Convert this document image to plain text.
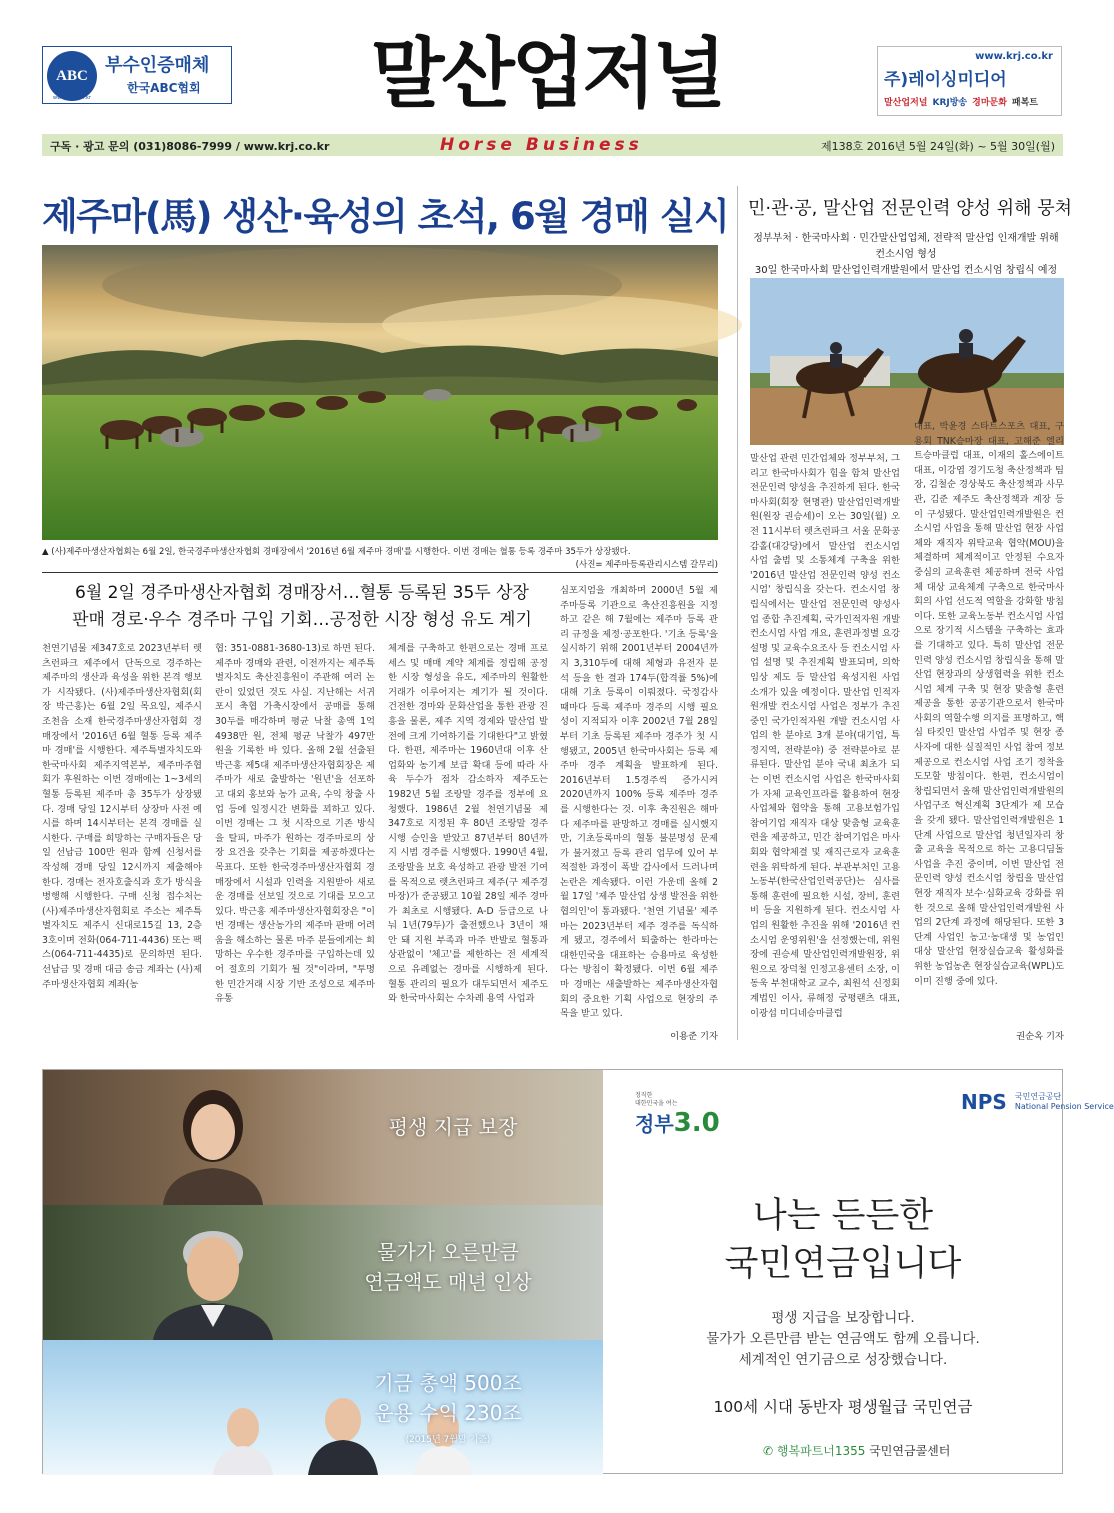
ABC
www.kabc.or.kr
부수인증매체
한국ABC협회	말산업저널	www.krj.co.kr
주)레이싱미디어
말산업저널 KRJ방송 경마문화 패복트
구독 · 광고 문의 (031)8086-7999 / www.krj.co.kr	Horse Business	제138호 2016년 5월 24일(화) ~ 5월 30일(월)
제주마(馬) 생산·육성의 초석, 6월 경매 실시
▲ (사)제주마생산자협회는 6월 2일, 한국경주마생산자협회 경매장에서 '2016년 6월 제주마 경매'를 시행한다. 이번 경매는 혈통 등록 경주마 35두가 상장됐다.
(사진= 제주마등록관리시스템 갈무리)
6월 2일 경주마생산자협회 경매장서…혈통 등록된 35두 상장
판매 경로·우수 경주마 구입 기회…공정한 시장 형성 유도 계기
천연기념물 제347호로 2023년부터 렛츠런파크 제주에서 단독으로 경주하는 제주마의 생산과 육성을 위한 본격 행보가 시작됐다. (사)제주마생산자협회(회장 박근홍)는 6월 2일 목요일, 제주시 조천읍 소재 한국경주마생산자협회 경매장에서 '2016년 6월 혈통 등록 제주마 경매'를 시행한다. 제주특별자치도와 한국마사회 제주지역본부, 제주마주협회가 후원하는 이번 경매에는 1~3세의 혈통 등록된 제주마 총 35두가 상장됐다. 경매 당일 12시부터 상장마 사전 예시를 하며 14시부터는 본격 경매를 실시한다. 구매를 희망하는 구매자들은 당일 선납금 100만 원과 함께 신청서를 작성해 경매 당일 12시까지 제출해야 한다. 경매는 전자호출식과 호가 방식을 병행해 시행한다. 구매 신청 접수처는 (사)제주마생산자협회로 주소는 제주특별자치도 제주시 신대로15길 13, 2층 3호이며 전화(064-711-4436) 또는 팩스(064-711-4435)로 문의하면 된다. 선납금 및 경매 대금 송금 계좌는 (사)제주마생산자협회 계좌(농
협: 351-0881-3680-13)로 하면 된다. 제주마 경매와 관련, 이전까지는 제주특별자치도 축산진흥원이 주관해 여러 논란이 있었던 것도 사실. 지난해는 서귀포시 축협 가축시장에서 공매를 통해 30두를 매각하며 평균 낙찰 총액 1억 4938만 원, 전체 평균 낙찰가 497만 원을 기록한 바 있다. 올해 2월 선출된 박근홍 제5대 제주마생산자협회장은 제주마가 새로 출발하는 '원년'을 선포하고 대외 홍보와 농가 교육, 수익 창출 사업 등에 일정시간 변화를 꾀하고 있다. 이번 경매는 그 첫 시작으로 기존 방식을 탈피, 마주가 원하는 경주마로의 상장 요건을 갖추는 기회를 제공하겠다는 목표다. 또한 한국경주마생산자협회 경매장에서 시설과 인력을 지원받아 새로운 경매를 선보일 것으로 기대를 모으고 있다. 박근홍 제주마생산자협회장은 "이번 경매는 생산농가의 제주마 판매 어려움을 해소하는 물론 마주 분들에게는 희망하는 우수한 경주마를 구입하는데 있어 절호의 기회가 될 것"이라며, "투명한 민간거래 시장 기반 조성으로 제주마 유통
체계를 구축하고 한편으로는 경매 프로세스 및 매매 계약 체계를 정립해 공정한 시장 형성을 유도, 제주마의 원활한 거래가 이루어지는 계기가 될 것이다. 건전한 경마와 문화산업을 통한 관광 진흥을 물론, 제주 지역 경제와 말산업 발전에 크게 기여하기를 기대한다"고 밝혔다. 한편, 제주마는 1960년대 이후 산업화와 농기계 보급 확대 등에 따라 사육 두수가 점차 감소하자 제주도는 1982년 5월 조랑말 경주를 정부에 요청했다. 1986년 2월 천연기념물 제347호로 지정된 후 80년 조랑말 경주 시행 승인을 받았고 87년부터 80년까지 시범 경주를 시행했다. 1990년 4월, 조랑말을 보호 육성하고 관광 발전 기여를 목적으로 렛츠런파크 제주(구 제주경마장)가 준공됐고 10월 28일 제주 경마가 최초로 시행됐다. A-D 등급으로 나눠 1년(79두)가 출전했으나 3년이 채 안 돼 지원 부족과 마주 반발로 혈통과 상관없이 '체고'를 제한하는 전 세계적으로 유례없는 경마를 시행하게 된다. 혈통 관리의 필요가 대두되면서 제주도와 한국마사회는 수차례 용역 사업과
심포지엄을 개최하며 2000년 5월 제주마등록 기관으로 축산진흥원을 지정하고 같은 해 7월에는 제주마 등록 관리 규정을 제정·공포한다. '기초 등록'을 실시하기 위해 2001년부터 2004년까지 3,310두에 대해 체형과 유전자 분석 등을 한 결과 174두(합격률 5%)에 대해 기초 등록이 이뤄졌다. 국정감사 때마다 등록 제주마 경주의 시행 필요성이 지적되자 이후 2002년 7월 28일부터 기초 등록된 제주마 경주가 첫 시행됐고, 2005년 한국마사회는 등록 제주마 경주 계획을 발표하게 된다. 2016년부터 1.5경주씩 증가시켜 2020년까지 100% 등록 제주마 경주를 시행한다는 것. 이후 축진원은 해마다 제주마를 판망하고 경매를 실시했지만, 기초등록마의 혈통 불분명성 문제가 불거졌고 등록 관리 업무에 있어 부적절한 과정이 폭발 감사에서 드러나며 논란은 계속됐다. 이런 가운데 올해 2월 17일 '제주 말산업 상생 발전을 위한 협의인'이 통과됐다. '천연 기념물' 제주마는 2023년부터 제주 경주를 독식하게 됐고, 경주에서 퇴출하는 한라마는 대한민국을 대표하는 승용마로 육성한다는 방침이 확정됐다. 이번 6월 제주마 경매는 새출발하는 제주마생산자협회의 중요한 기획 사업으로 현장의 주목을 받고 있다.
이용준 기자
민·관·공, 말산업 전문인력 양성 위해 뭉쳐
정부부처 · 한국마사회 · 민간말산업업체, 전략적 말산업 인재개발 위해 컨소시엄 형성
30일 한국마사회 말산업인력개발원에서 말산업 컨소시엄 창립식 예정
말산업 관련 민간업체와 정부부처, 그리고 한국마사회가 힘을 함쳐 말산업 전문인력 양성을 추진하게 된다. 한국마사회(회장 현명관) 말산업인력개발원(원장 권승세)이 오는 30일(월) 오전 11시부터 렛츠런파크 서울 문화공감홀(대강당)에서 말산업 컨소시엄 사업 출범 및 소통체계 구축을 위한 '2016년 말산업 전문인력 양성 컨소시엄' 창립식을 갖는다. 컨소시엄 창립식에서는 말산업 전문인력 양성사업 종합 추진계획, 국가인적자원 개발 컨소시엄 사업 개요, 훈련과정별 요강 설명 및 교육수요조사 등 컨소시엄 사업 설명 및 추진계획 발표되며, 의학임상 제도 등 말산업 육성지원 사업 소개가 있을 예정이다. 말산업 인적자원개발 컨소시엄 사업은 정부가 추진 중인 국가인적자원 개발 컨소시엄 사업의 한 분야로 3개 분야(대기업, 특정지역, 전략분야) 중 전략분야로 분류된다. 말산업 분야 국내 최초가 되는 이번 컨소시엄 사업은 한국마사회가 자체 교육인프라를 활용하여 현장사업체와 협약을 통해 고용보험가입 참여기업 재직자 대상 맞춤형 교육훈련을 제공하고, 민간 참여기업은 마사회와 협약체결 및 재직근로자 교육훈련을 위탁하게 된다. 부관부처인 고용노동부(한국산업인력공단)는 심사를 통해 훈련에 필요한 시설, 장비, 훈련비 등을 지원하게 된다. 컨소시엄 사업의 원활한 추진을 위해 '2016년 컨소시엄 운영위원'을 선정했는데, 위원장에 권승세 말산업인력개발원장, 위원으로 장덕철 인정고용센터 소장, 이동욱 부천대학교 교수, 최원석 신정회계법인 이사, 류해정 궁평랜츠 대표, 이광섭 미디네승마클럽
대표, 박윤경 스타트스포츠 대표, 구용회 TNK승마장 대표, 고해준 엘리트승마클럽 대표, 이재의 홀스에이트 대표, 이강엽 경기도청 축산정책과 팀장, 김철순 경상북도 축산정책과 사무관, 김준 제주도 축산정책과 계장 등이 구성됐다. 말산업인력개발원은 컨소시엄 사업을 통해 말산업 현장 사업체와 재직자 위탁교육 협약(MOU)을 체결하며 체계적이고 안정된 수요자 중심의 교육훈련 체공하며 전국 사업체 대상 교육체계 구축으로 한국마사회의 사업 선도적 역할을 강화할 방침이다. 또한 교육노동부 컨소시엄 사업으로 장기적 시스템을 구축하는 효과를 기대하고 있다. 특히 말산업 전문인력 양성 컨소시엄 창립식을 통해 말산업 현장과의 상생협력을 위한 컨소시엄 체계 구축 및 현장 맞춤형 훈련제공을 통한 공공기관으로서 한국마사회의 역할수행 의지를 표명하고, 핵심 타킷인 말산업 사업주 및 현장 종사자에 대한 실질적인 사업 참여 정보 제공으로 컨소시엄 사업 조기 정착을 도모할 방침이다. 한편, 컨소시엄이 창립되면서 올해 말산업인력개발원의 사업구조 혁신계획 3단계가 제 모습을 갖게 됐다. 말산업인력개발원은 1단계 사업으로 말산업 청년일자리 창출 교육을 목적으로 하는 고용디딤돌 사업을 추진 중이며, 이번 말산업 전문인력 양성 컨소시엄 창립을 말산업 현장 재직자 보수·심화교육 강화를 위한 것으로 올해 말산업인력개발원 사업의 2단계 과정에 해당된다. 또한 3단계 사업인 농고·농대생 및 농업인 대상 말산업 현장실습교육 활성화를 위한 농업농촌 현장실습교육(WPL)도 이미 진행 중에 있다.
권순옥 기자
평생 지급 보장
물가가 오른만큼
연금액도 매년 인상
기금 총액 500조
운용 수익 230조
(2015년 7월말 기준)
정직한
대한민국을 여는
정부3.0
NPS 국민연금공단
National Pension Service
나는 든든한
국민연금입니다
평생 지급을 보장합니다.
물가가 오른만큼 받는 연금액도 함께 오릅니다.
세계적인 연기금으로 성장했습니다.
100세 시대 동반자 평생월급 국민연금
✆ 행복파트너1355 국민연금콜센터
